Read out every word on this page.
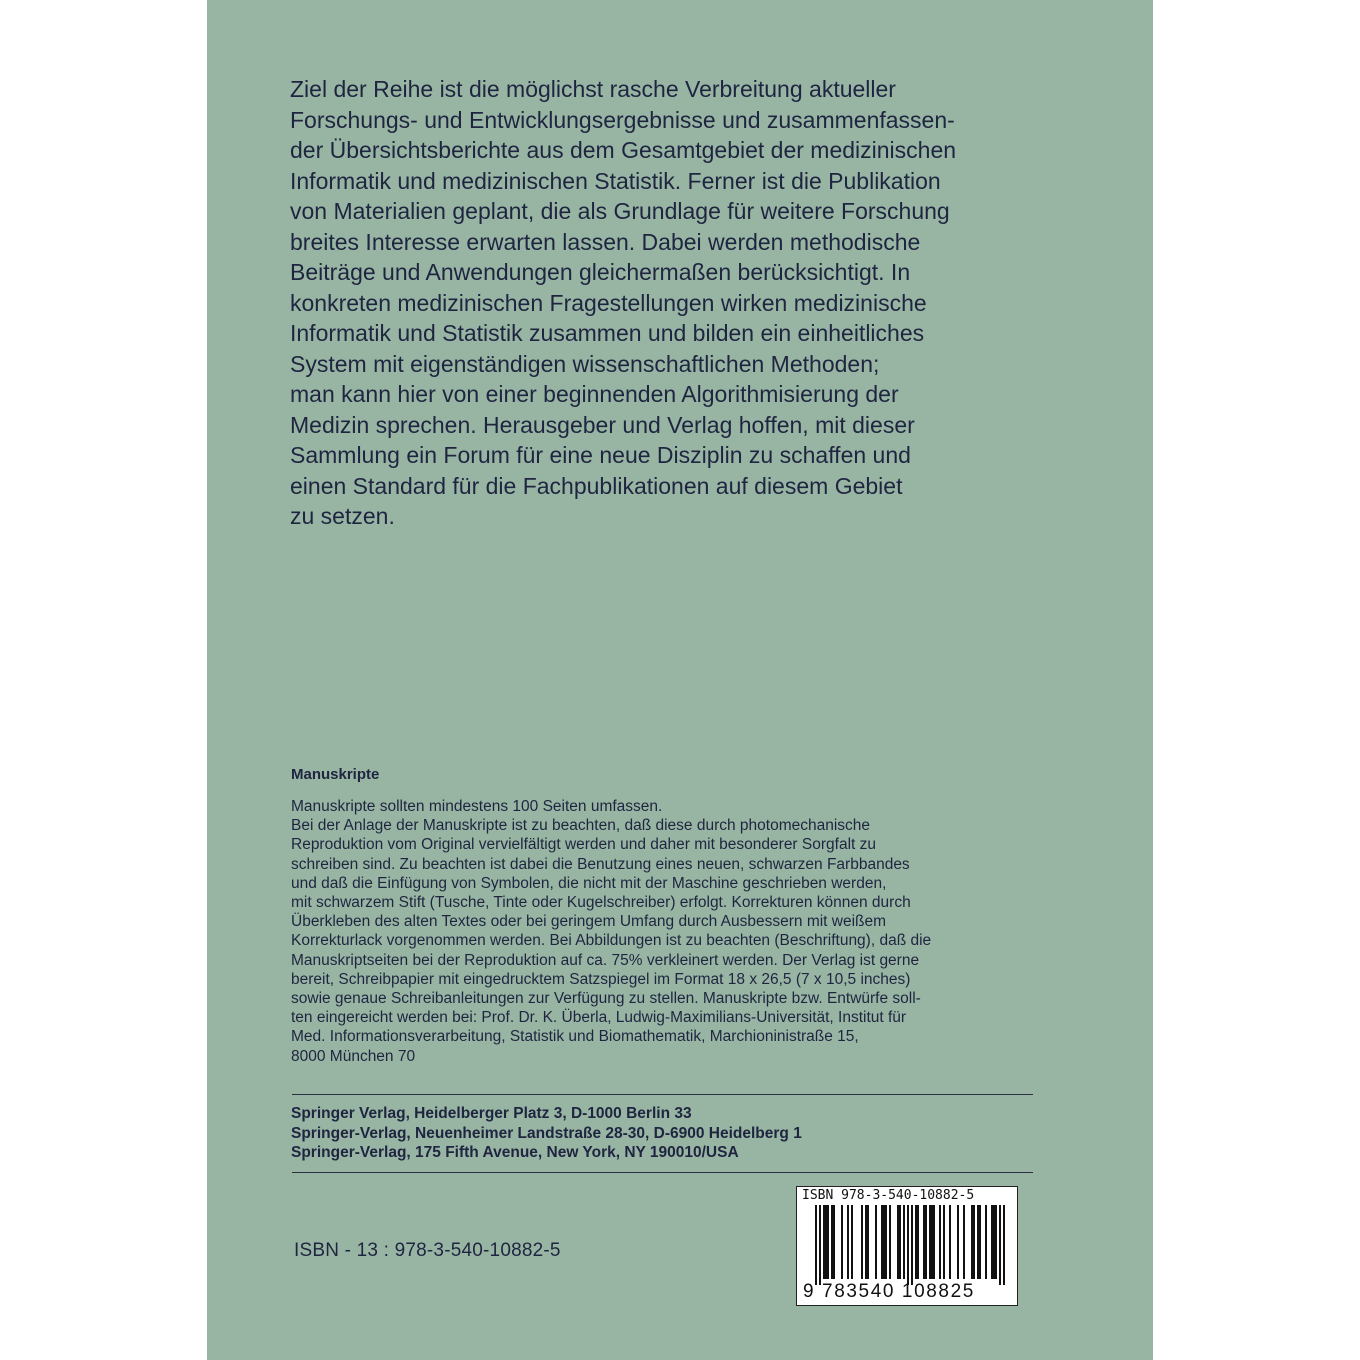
Ziel der Reihe ist die möglichst rasche Verbreitung aktueller
Forschungs- und Entwicklungsergebnisse und zusammenfassen-
der Übersichtsberichte aus dem Gesamtgebiet der medizinischen
Informatik und medizinischen Statistik. Ferner ist die Publikation
von Materialien geplant, die als Grundlage für weitere Forschung
breites Interesse erwarten lassen. Dabei werden methodische
Beiträge und Anwendungen gleichermaßen berücksichtigt. In
konkreten medizinischen Fragestellungen wirken medizinische
Informatik und Statistik zusammen und bilden ein einheitliches
System mit eigenständigen wissenschaftlichen Methoden;
man kann hier von einer beginnenden Algorithmisierung der
Medizin sprechen. Herausgeber und Verlag hoffen, mit dieser
Sammlung ein Forum für eine neue Disziplin zu schaffen und
einen Standard für die Fachpublikationen auf diesem Gebiet
zu setzen.
Manuskripte
Manuskripte sollten mindestens 100 Seiten umfassen.
Bei der Anlage der Manuskripte ist zu beachten, daß diese durch photomechanische
Reproduktion vom Original vervielfältigt werden und daher mit besonderer Sorgfalt zu
schreiben sind. Zu beachten ist dabei die Benutzung eines neuen, schwarzen Farbbandes
und daß die Einfügung von Symbolen, die nicht mit der Maschine geschrieben werden,
mit schwarzem Stift (Tusche, Tinte oder Kugelschreiber) erfolgt. Korrekturen können durch
Überkleben des alten Textes oder bei geringem Umfang durch Ausbessern mit weißem
Korrekturlack vorgenommen werden. Bei Abbildungen ist zu beachten (Beschriftung), daß die
Manuskriptseiten bei der Reproduktion auf ca. 75% verkleinert werden. Der Verlag ist gerne
bereit, Schreibpapier mit eingedrucktem Satzspiegel im Format 18 x 26,5 (7 x 10,5 inches)
sowie genaue Schreibanleitungen zur Verfügung zu stellen. Manuskripte bzw. Entwürfe soll-
ten eingereicht werden bei: Prof. Dr. K. Überla, Ludwig-Maximilians-Universität, Institut für
Med. Informationsverarbeitung, Statistik und Biomathematik, Marchioninistraße 15,
8000 München 70
Springer Verlag, Heidelberger Platz 3, D-1000 Berlin 33
Springer-Verlag, Neuenheimer Landstraße 28-30, D-6900 Heidelberg 1
Springer-Verlag, 175 Fifth Avenue, New York, NY 190010/USA

ISBN - 13 : 978-3-540-10882-5

ISBN 978-3-540-10882-5

9 783540 108825
